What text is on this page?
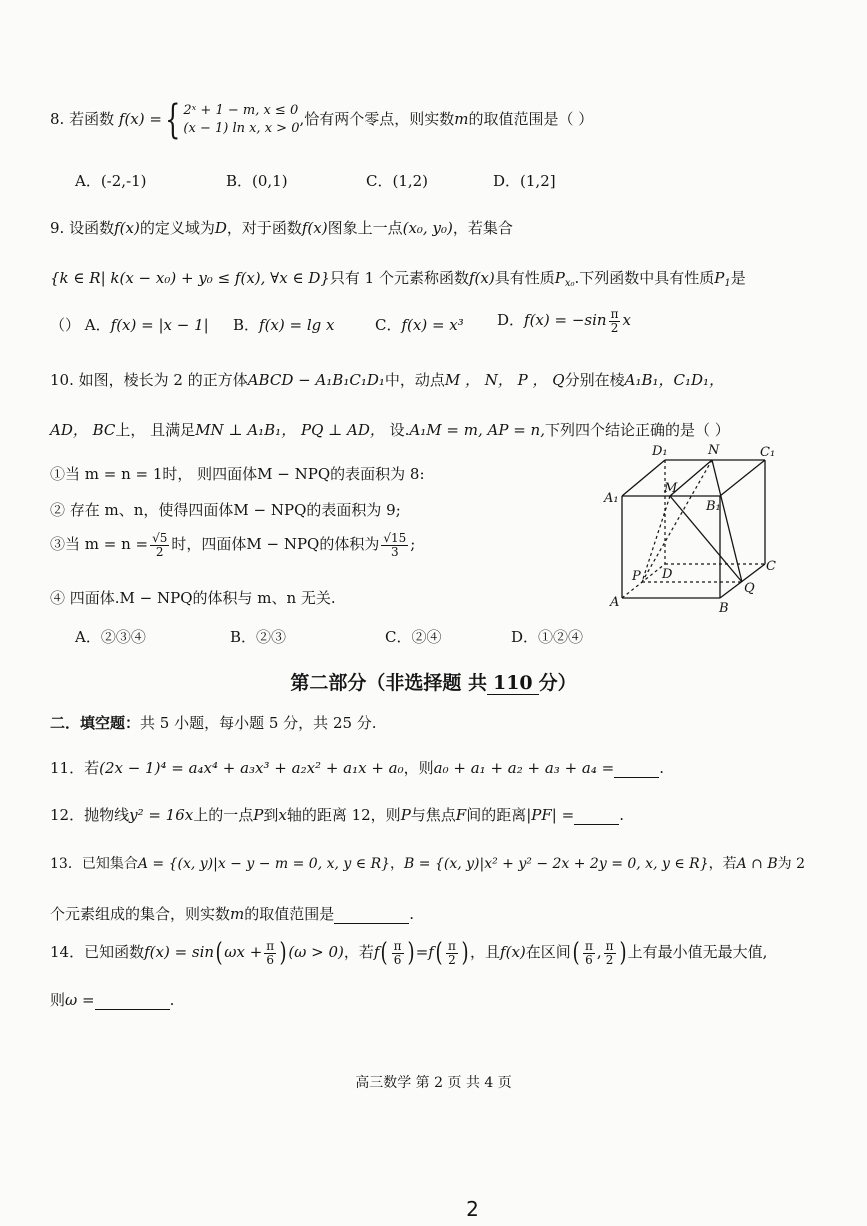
8. 若函数 f(x) ={ 2ˣ + 1 − m, x ≤ 0
(x − 1) ln x, x > 0
,恰有两个零点，则实数m的取值范围是（ ）
A．(-2,-1)	B．(0,1)	C．(1,2)	D．(1,2]
9. 设函数f(x)的定义域为D，对于函数f(x)图象上一点(x₀, y₀)，若集合
{k ∈ R| k(x − x₀) + y₀ ≤ f(x), ∀x ∈ D}只有 1 个元素称函数f(x)具有性质$P_{x_0}$.下列函数中具有性质$P_1$是
（） A．f(x) = |x − 1| B．f(x) = lg x	C．f(x) = x³ D．$f(x) = -\sin \frac{\pi}{2}$ x
10. 如图，棱长为 2 的正方体ABCD − A₁B₁C₁D₁中，动点M ， N， P ， Q分别在棱A₁B₁，C₁D₁，
AD， BC上， 且满足MN ⊥ A₁B₁， PQ ⊥ AD， 设.A₁M = m, AP = n,下列四个结论正确的是（ ）
①当 m = n = 1时， 则四面体M − NPQ的表面积为 8:
② 存在 m、n，使得四面体M − NPQ的表面积为 9;
③当 $m = n = \frac{√5}{2}$ 时，四面体M − NPQ的体积为 $\frac{√15}{3}$ ;
④ 四面体.M − NPQ的体积与 m、n 无关.
A．②③④	B．②③	C．②④	D．①②④
D₁	N	C₁
A₁
M
B₁
P D
C
Q
A	B
第二部分（非选择题 共 110 分）
二．填空题：共 5 小题，每小题 5 分，共 25 分.
11．若(2x − 1)⁴ = a₄x⁴ + a₃x³ + a₂x² + a₁x + a₀，则a₀ + a₁ + a₂ + a₃ + a₄ =	.
12．抛物线y² = 16x上的一点P到x轴的距离 12，则P与焦点F间的距离|PF| =	.
13．已知集合A = {(x, y)|x − y − m = 0, x, y ∈ R}，B = {(x, y)|x² + y² − 2x + 2y = 0, x, y ∈ R}，若A ∩ B为 2
个元素组成的集合，则实数m的取值范围是	.
14．已知函数f(x) = sin( $\omega x + \frac{\pi}{6}$ ) (ω > 0)，若$f( \frac{\pi}{6}$ ) $=f( \frac{\pi}{2}$ ) ，且f(x)在区间( $\frac{\pi}{6}$ , $\frac{\pi}{2}$ ) 上有最小值无最大值,
则ω =	.
高三数学 第 2 页 共 4 页
2
